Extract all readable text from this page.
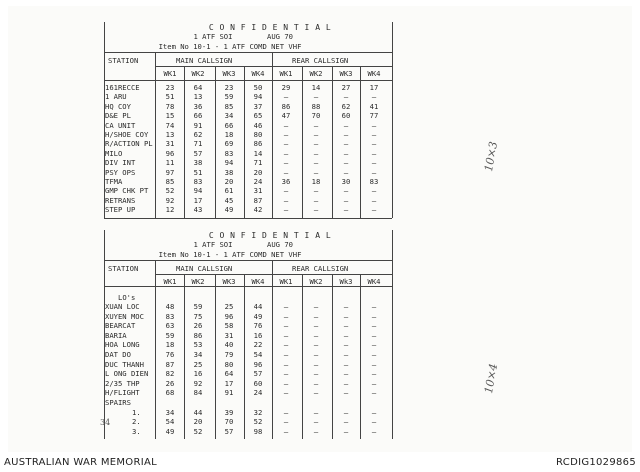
C O N F I D E N T I A L
1 ATF SOI	AUG 70
Item No 10-1 - 1 ATF COMD NET VHF
STATION	MAIN CALLSIGN	REAR CALLSIGN
WK1	WK2	WK3	WK4	WK1	WK2	WK3	WK4
161RECCE	23	64	23	50	29	14	27	17
1 ARU	51	13	59	94	—	—	—	—
HQ COY	78	36	85	37	86	88	62	41
D&E PL	15	66	34	65	47	70	60	77
CA UNIT	74	91	66	46	—	—	—	—
H/SHOE COY	13	62	18	80	—	—	—	—
R/ACTION PL	31	71	69	86	—	—	—	—
MILO	96	57	83	14	—	—	—	—
DIV INT	11	38	94	71	—	—	—	—
PSY OPS	97	51	38	20	—	—	—	—
TFMA	85	83	20	24	36	18	30	83
GMP CHK PT	52	94	61	31	—	—	—	—
RETRANS	92	17	45	87	—	—	—	—
STEP UP	12	43	49	42	—	—	—	—
C O N F I D E N T I A L
1 ATF SOI	AUG 70
Item No 10-1 - 1 ATF COMD NET VHF
STATION	MAIN CALLSIGN	REAR CALLSIGN
WK1	WK2	WK3	WK4	WK1	WK2	Wk3	WK4
LO's
XUAN LOC	48	59	25	44	—	—	—	—
XUYEN MOC	83	75	96	49	—	—	—	—
BEARCAT	63	26	58	76	—	—	—	—
BARIA	59	86	31	16	—	—	—	—
HOA LONG	18	53	40	22	—	—	—	—
DAT DO	76	34	79	54	—	—	—	—
DUC THANH	87	25	80	96	—	—	—	—
L ONG DIEN	82	16	64	57	—	—	—	—
2/35 THP	26	92	17	60	—	—	—	—
H/FLIGHT	68	84	91	24	—	—	—	—
SPAIRS
1.	34	44	39	32	—	—	—	—
2.	54	20	70	52	—	—	—	—
3.	49	52	57	98	—	—	—	—
10×3
10×4
34
AUSTRALIAN WAR MEMORIAL	RCDIG1029865
